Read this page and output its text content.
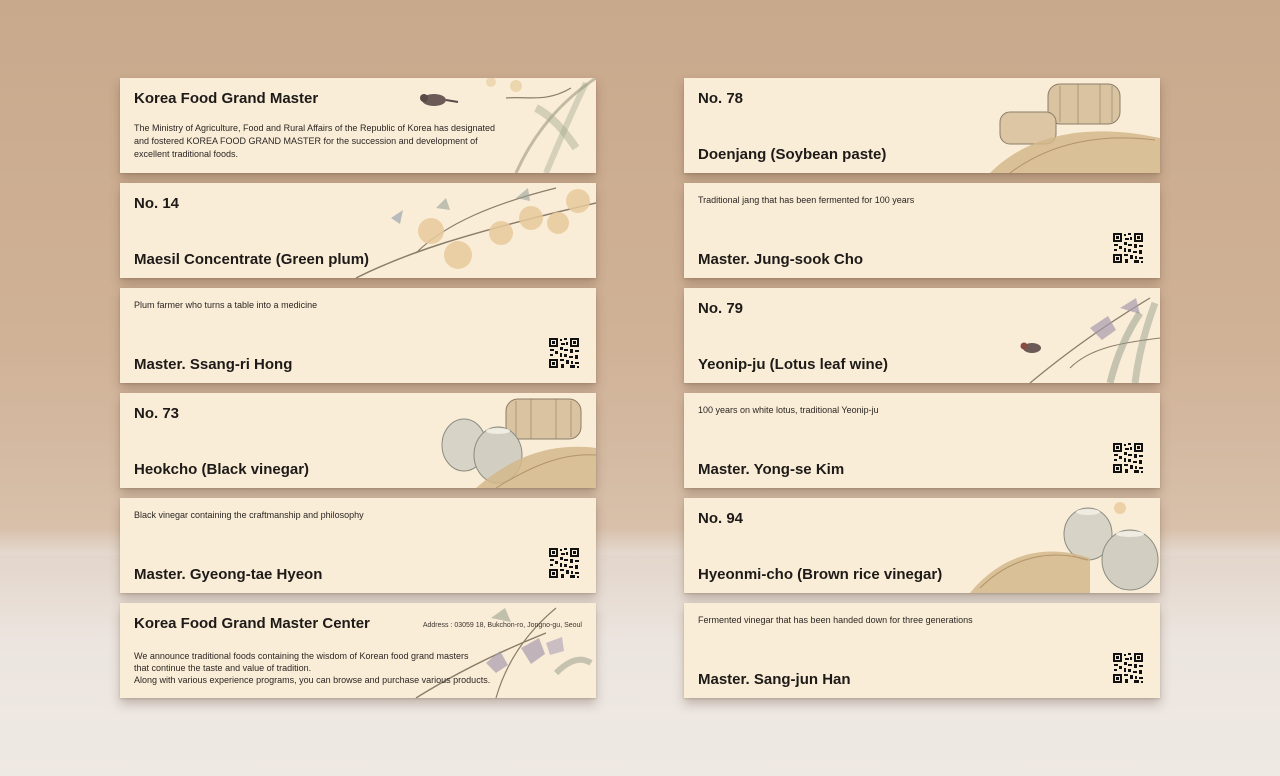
Korea Food Grand Master
The Ministry of Agriculture, Food and Rural Affairs of the Republic of Korea has designated
and fostered KOREA FOOD GRAND MASTER for the succession and development of
excellent traditional foods.
No. 14
Maesil Concentrate (Green plum)
Plum farmer who turns a table into a medicine
Master. Ssang-ri Hong
No. 73
Heokcho (Black vinegar)
Black vinegar containing the craftmanship and philosophy
Master. Gyeong-tae Hyeon
Korea Food Grand Master Center	Address : 03059 18, Bukchon-ro, Jongno-gu, Seoul
We announce traditional foods containing the wisdom of Korean food grand masters
that continue the taste and value of tradition.
Along with various experience programs, you can browse and purchase various products.
No. 78
Doenjang (Soybean paste)
Traditional jang that has been fermented for 100 years
Master. Jung-sook Cho
No. 79
Yeonip-ju (Lotus leaf wine)
100 years on white lotus, traditional Yeonip-ju
Master. Yong-se Kim
No. 94
Hyeonmi-cho (Brown rice vinegar)
Fermented vinegar that has been handed down for three generations
Master. Sang-jun Han
